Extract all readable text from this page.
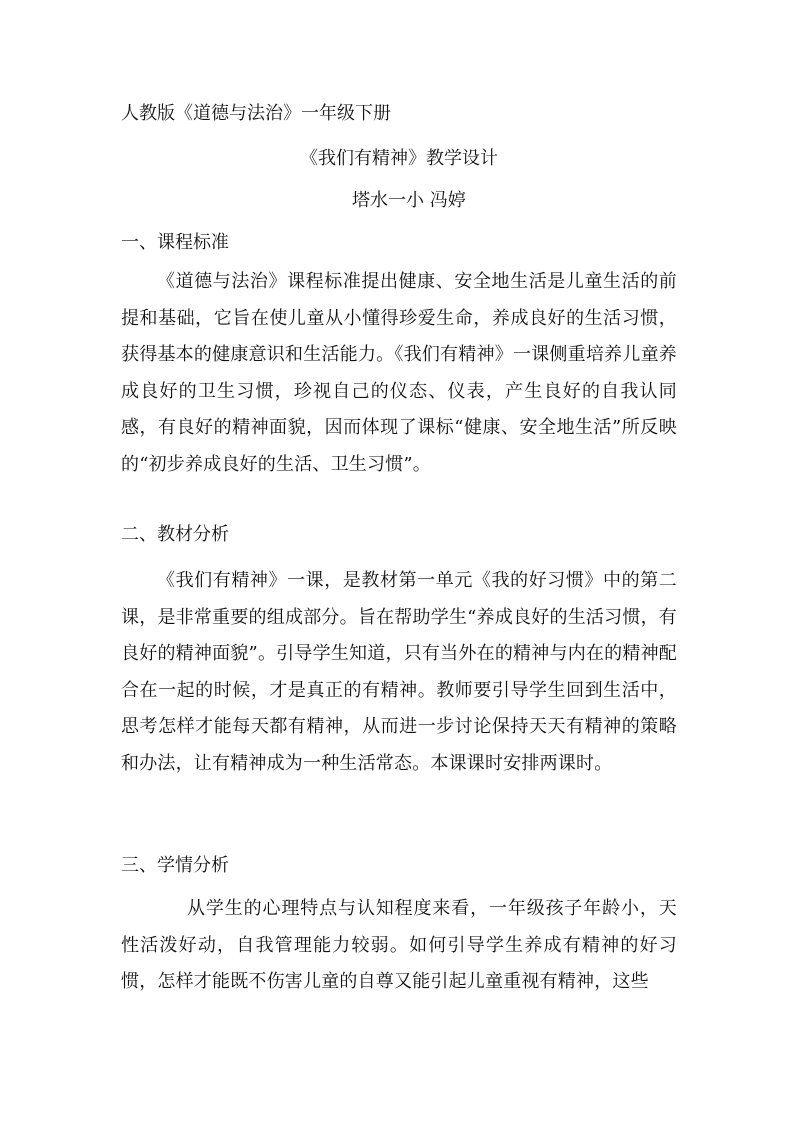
人教版《道德与法治》一年级下册
《我们有精神》教学设计
塔水一小 冯婷
一、课程标准
《道德与法治》课程标准提出健康、安全地生活是儿童生活的前提和基础，它旨在使儿童从小懂得珍爱生命，养成良好的生活习惯，获得基本的健康意识和生活能力。《我们有精神》一课侧重培养儿童养成良好的卫生习惯，珍视自己的仪态、仪表，产生良好的自我认同感，有良好的精神面貌，因而体现了课标“健康、安全地生活”所反映的“初步养成良好的生活、卫生习惯”。
二、教材分析
《我们有精神》一课，是教材第一单元《我的好习惯》中的第二课，是非常重要的组成部分。旨在帮助学生“养成良好的生活习惯，有良好的精神面貌”。引导学生知道，只有当外在的精神与内在的精神配合在一起的时候，才是真正的有精神。教师要引导学生回到生活中，思考怎样才能每天都有精神，从而进一步讨论保持天天有精神的策略和办法，让有精神成为一种生活常态。本课课时安排两课时。
三、学情分析
从学生的心理特点与认知程度来看，一年级孩子年龄小，天性活泼好动，自我管理能力较弱。如何引导学生养成有精神的好习惯，怎样才能既不伤害儿童的自尊又能引起儿童重视有精神，这些
